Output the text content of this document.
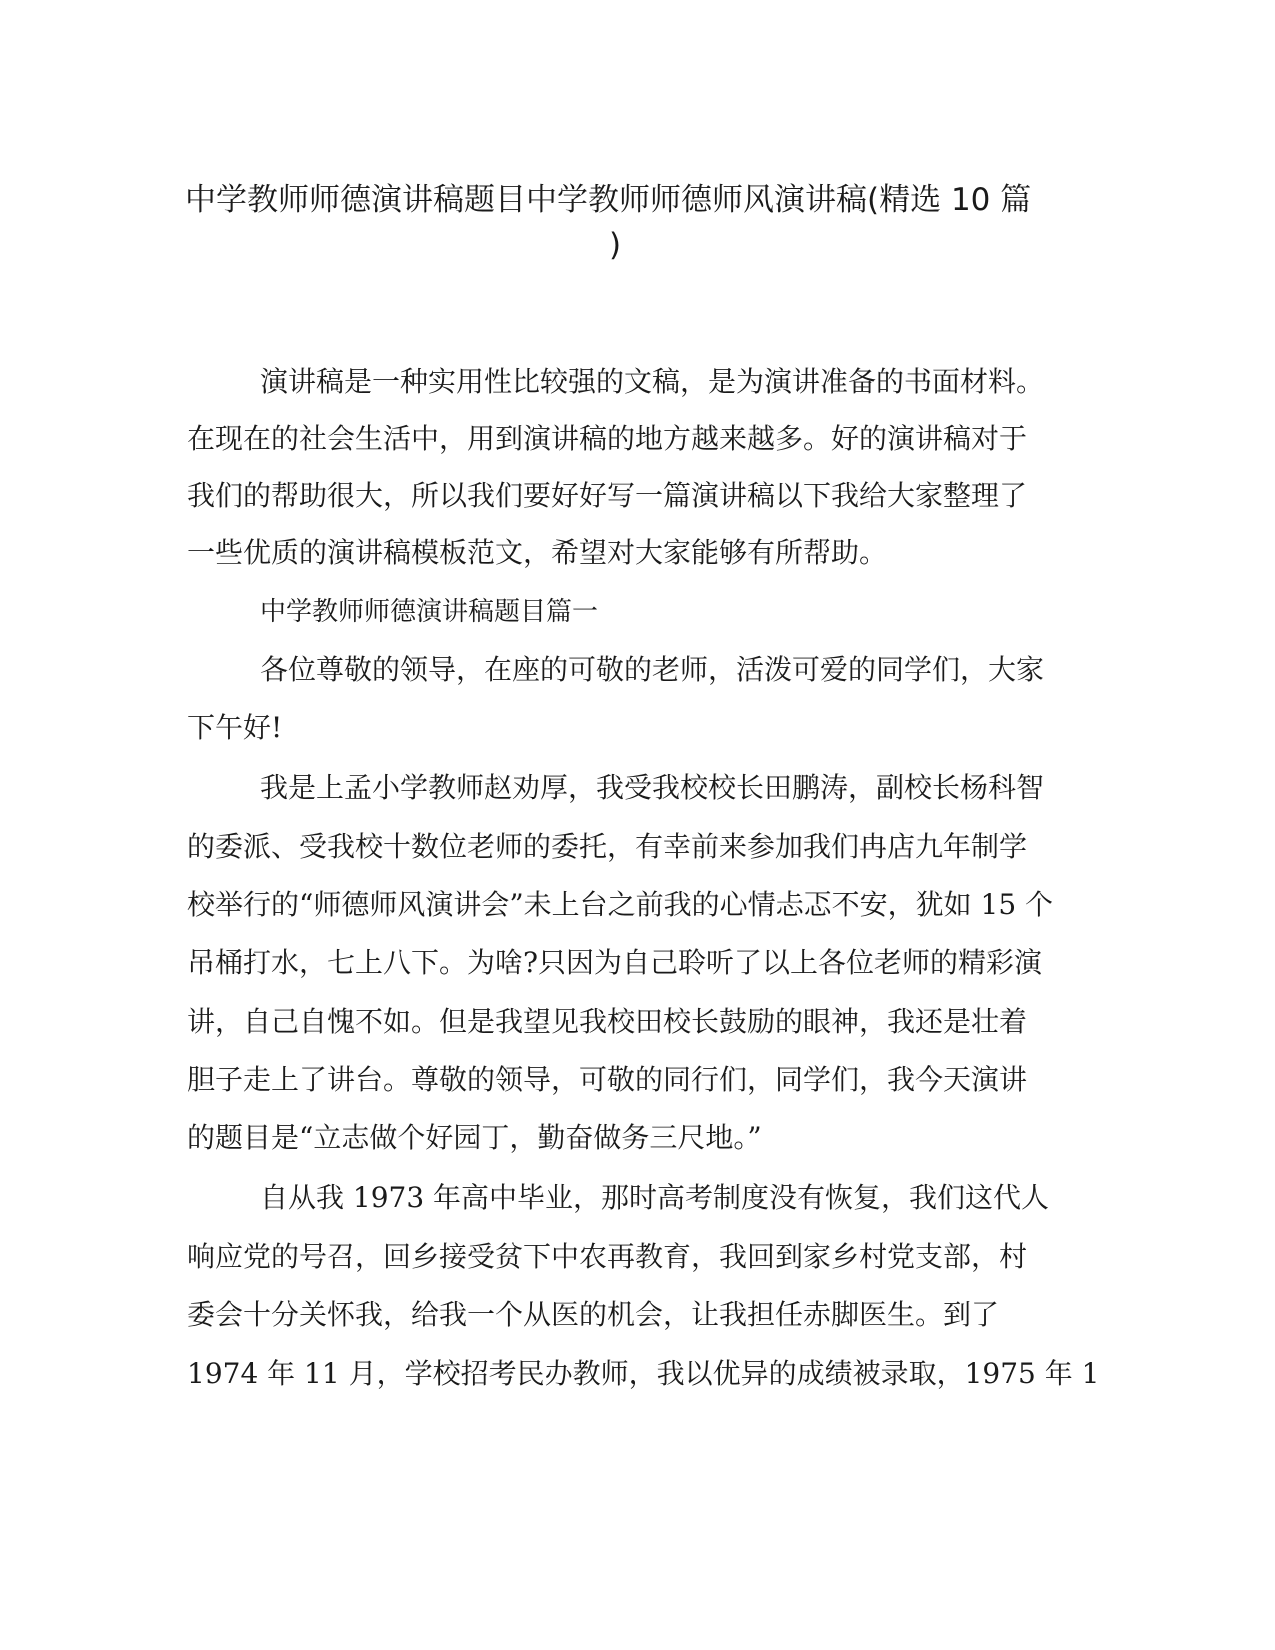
中学教师师德演讲稿题目中学教师师德师风演讲稿(精选 10 篇
)

演讲稿是一种实用性比较强的文稿，是为演讲准备的书面材料。

在现在的社会生活中，用到演讲稿的地方越来越多。好的演讲稿对于

我们的帮助很大，所以我们要好好写一篇演讲稿以下我给大家整理了

一些优质的演讲稿模板范文，希望对大家能够有所帮助。

中学教师师德演讲稿题目篇一

各位尊敬的领导，在座的可敬的老师，活泼可爱的同学们，大家

下午好!

我是上孟小学教师赵劝厚，我受我校校长田鹏涛，副校长杨科智

的委派、受我校十数位老师的委托，有幸前来参加我们冉店九年制学

校举行的“师德师风演讲会”未上台之前我的心情忐忑不安，犹如 15 个

吊桶打水，七上八下。为啥?只因为自己聆听了以上各位老师的精彩演

讲，自己自愧不如。但是我望见我校田校长鼓励的眼神，我还是壮着

胆子走上了讲台。尊敬的领导，可敬的同行们，同学们，我今天演讲

的题目是“立志做个好园丁，勤奋做务三尺地。”

自从我 1973 年高中毕业，那时高考制度没有恢复，我们这代人

响应党的号召，回乡接受贫下中农再教育，我回到家乡村党支部，村

委会十分关怀我，给我一个从医的机会，让我担任赤脚医生。到了

1974 年 11 月，学校招考民办教师，我以优异的成绩被录取，1975 年 1
